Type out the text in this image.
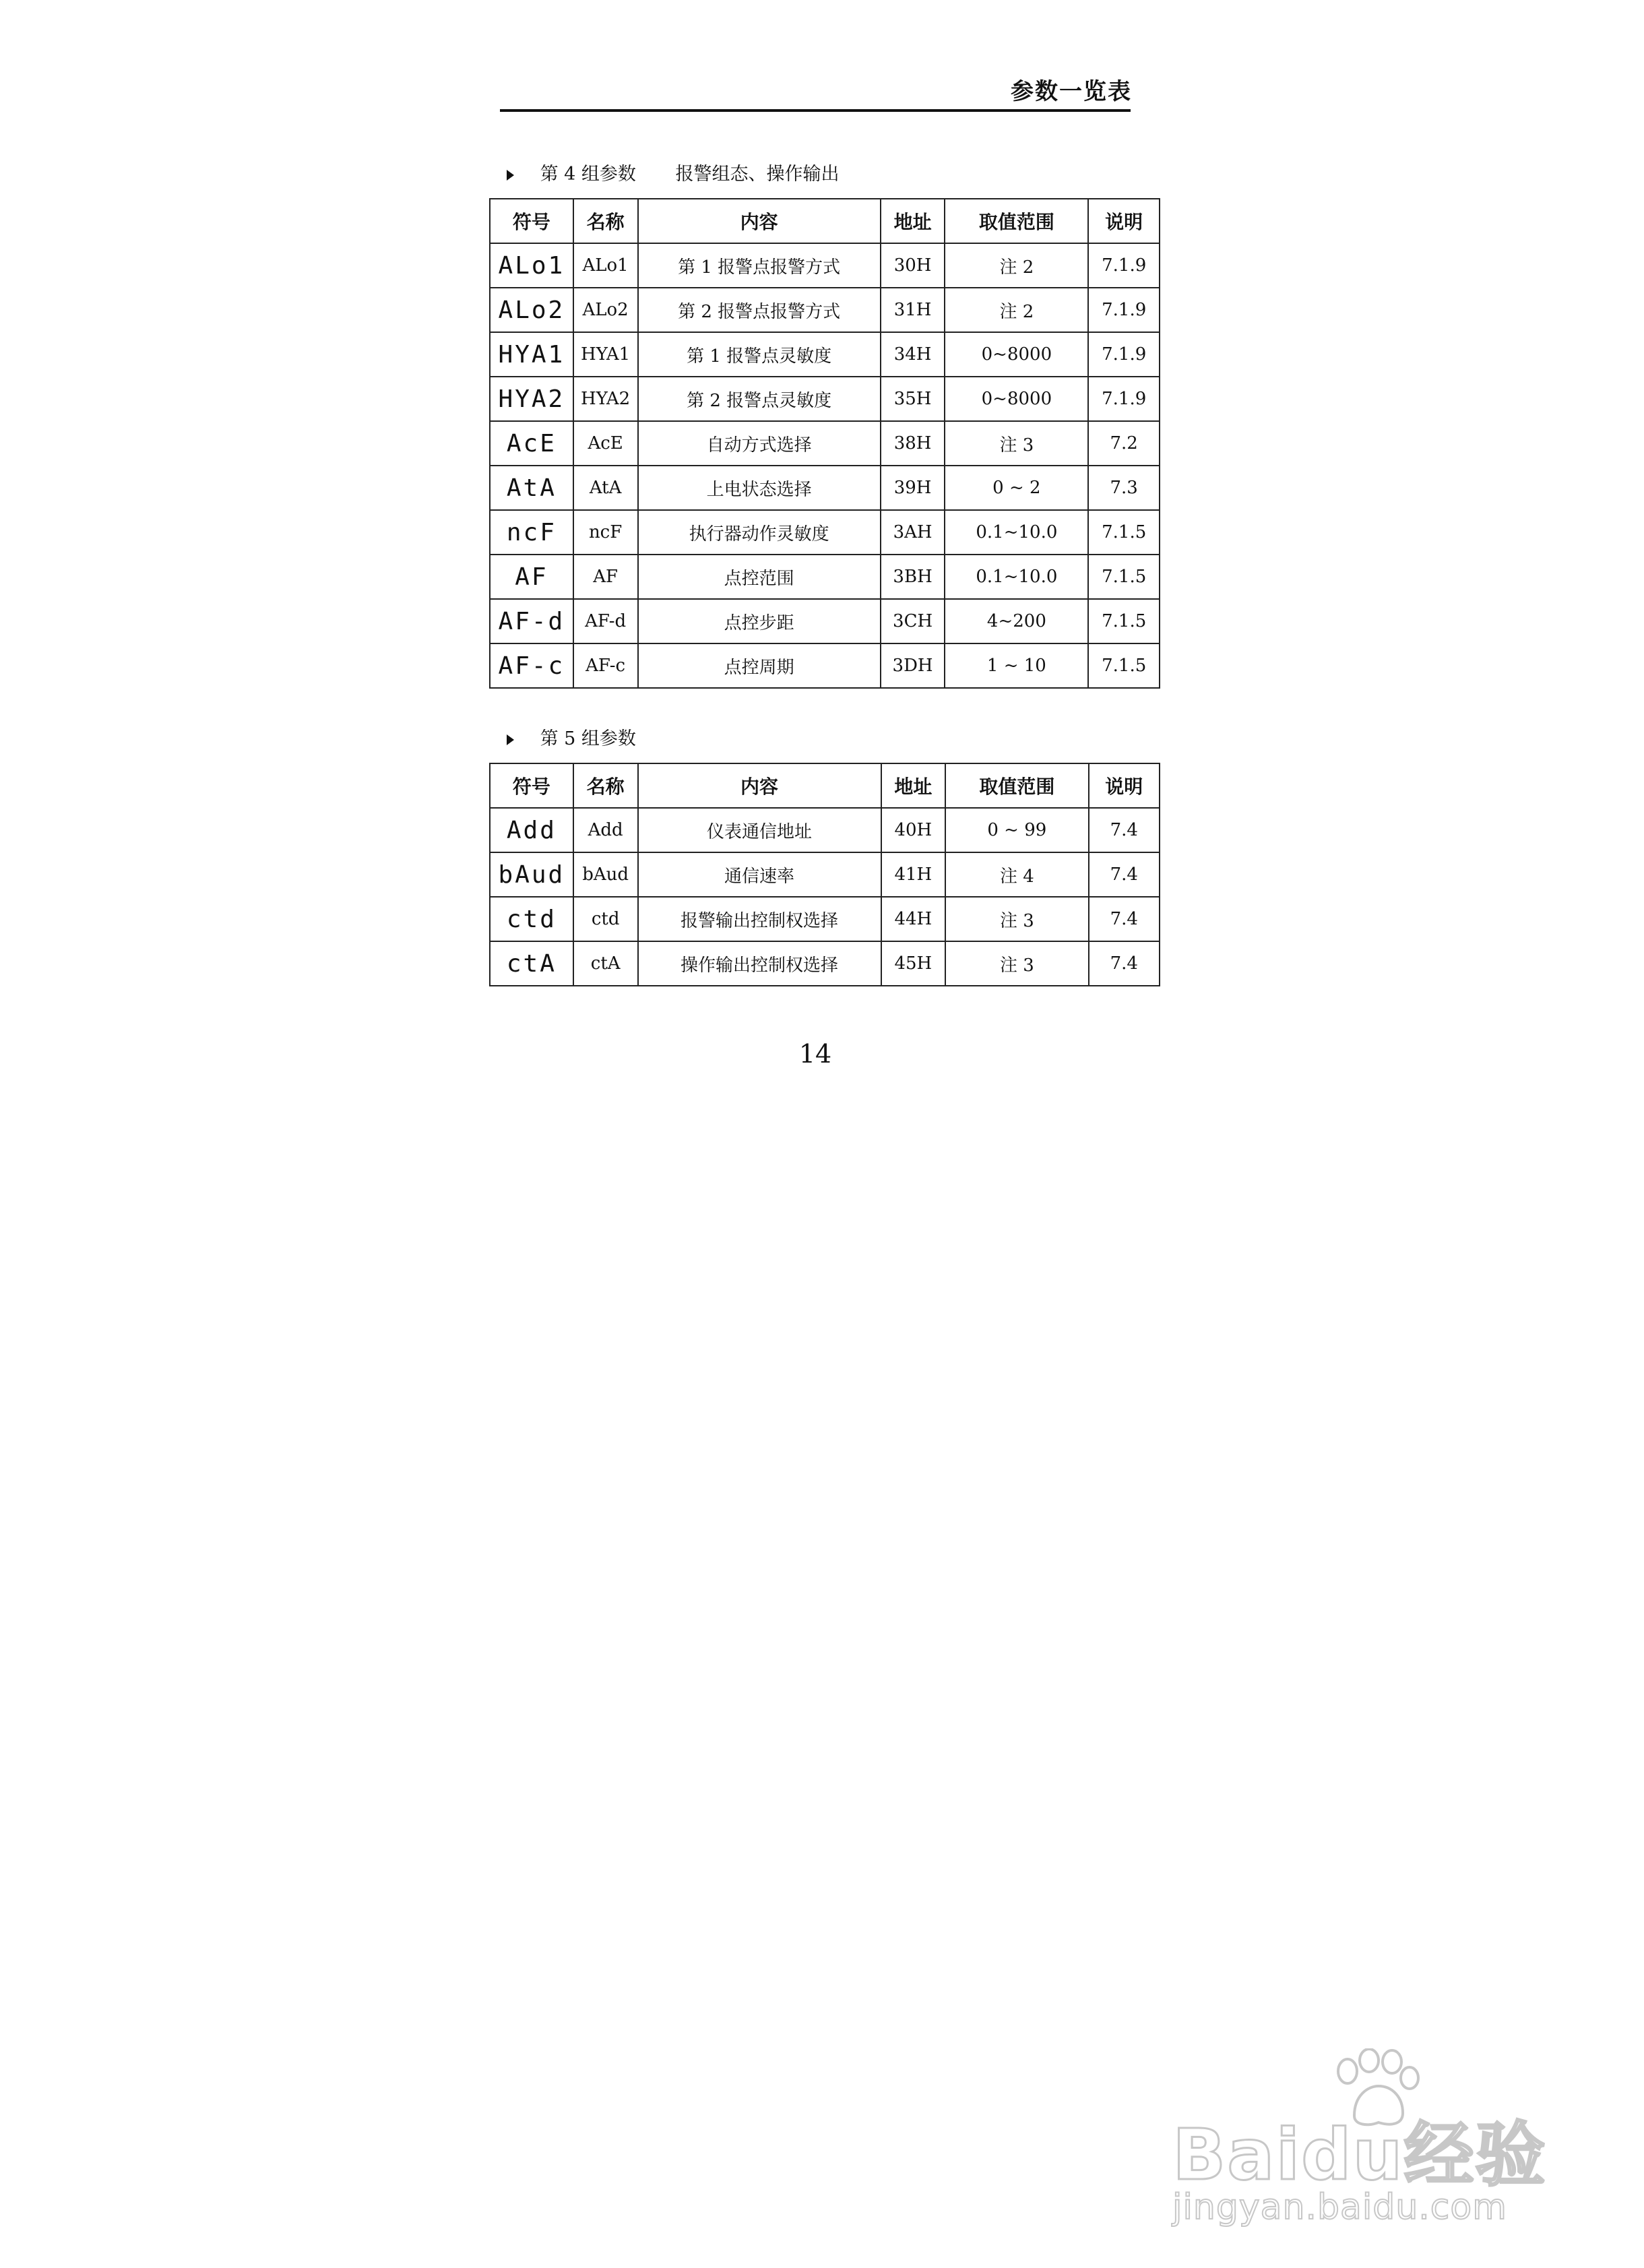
参数一览表
第 4 组参数 报警组态、操作输出
符号	名称	内容	地址	取值范围	说明
ALo1	ALo1	第 1 报警点报警方式	30H	注 2	7.1.9
ALo2	ALo2	第 2 报警点报警方式	31H	注 2	7.1.9
HYA1	HYA1	第 1 报警点灵敏度	34H	0~8000	7.1.9
HYA2	HYA2	第 2 报警点灵敏度	35H	0~8000	7.1.9
AcE	AcE	自动方式选择	38H	注 3	7.2
AtA	AtA	上电状态选择	39H	0 ~ 2	7.3
ncF	ncF	执行器动作灵敏度	3AH	0.1~10.0	7.1.5
AF	AF	点控范围	3BH	0.1~10.0	7.1.5
AF-d	AF-d	点控步距	3CH	4~200	7.1.5
AF-c	AF-c	点控周期	3DH	1 ~ 10	7.1.5
第 5 组参数
符号	名称	内容	地址	取值范围	说明
Add	Add	仪表通信地址	40H	0 ~ 99	7.4
bAud	bAud	通信速率	41H	注 4	7.4
ctd	ctd	报警输出控制权选择	44H	注 3	7.4
ctA	ctA	操作输出控制权选择	45H	注 3	7.4
14
Baidu经验
jingyan.baidu.com
